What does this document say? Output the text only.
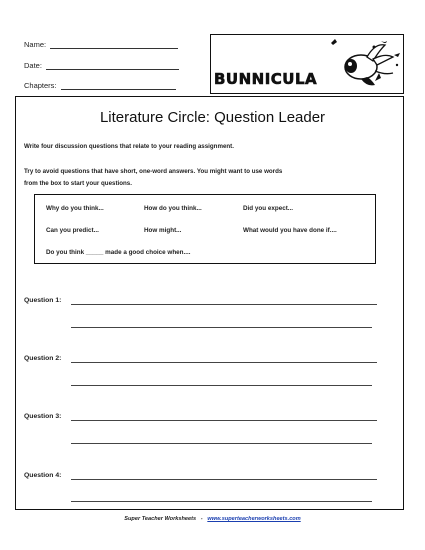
Name:
Date:
Chapters:	BUNNICULA
Literature Circle: Question Leader
Write four discussion questions that relate to your reading assignment.
Try to avoid questions that have short, one-word answers. You might want to use words
from the box to start your questions.
Why do you think...	How do you think...	Did you expect...
Can you predict...	How might...	What would you have done if....
Do you think _____ made a good choice when....
Question 1:
Question 2:
Question 3:
Question 4:
Super Teacher Worksheets - www.superteacherworksheets.com
